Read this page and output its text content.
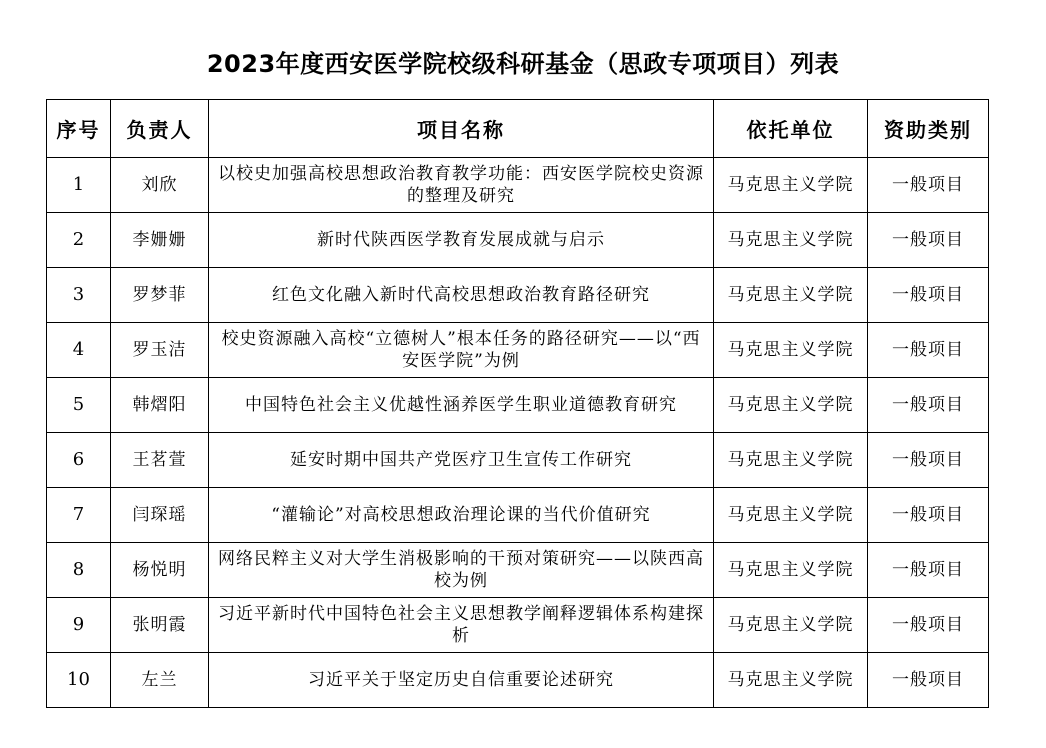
2023年度西安医学院校级科研基金（思政专项项目）列表
序号	负责人	项目名称	依托单位	资助类别
1	刘欣	以校史加强高校思想政治教育教学功能：西安医学院校史资源的整理及研究	马克思主义学院	一般项目
2	李姗姗	新时代陕西医学教育发展成就与启示	马克思主义学院	一般项目
3	罗梦菲	红色文化融入新时代高校思想政治教育路径研究	马克思主义学院	一般项目
4	罗玉洁	校史资源融入高校“立德树人”根本任务的路径研究——以“西安医学院”为例	马克思主义学院	一般项目
5	韩熠阳	中国特色社会主义优越性涵养医学生职业道德教育研究	马克思主义学院	一般项目
6	王茗萱	延安时期中国共产党医疗卫生宣传工作研究	马克思主义学院	一般项目
7	闫琛瑶	“灌输论”对高校思想政治理论课的当代价值研究	马克思主义学院	一般项目
8	杨悦明	网络民粹主义对大学生消极影响的干预对策研究——以陕西高校为例	马克思主义学院	一般项目
9	张明霞	习近平新时代中国特色社会主义思想教学阐释逻辑体系构建探析	马克思主义学院	一般项目
10	左兰	习近平关于坚定历史自信重要论述研究	马克思主义学院	一般项目
